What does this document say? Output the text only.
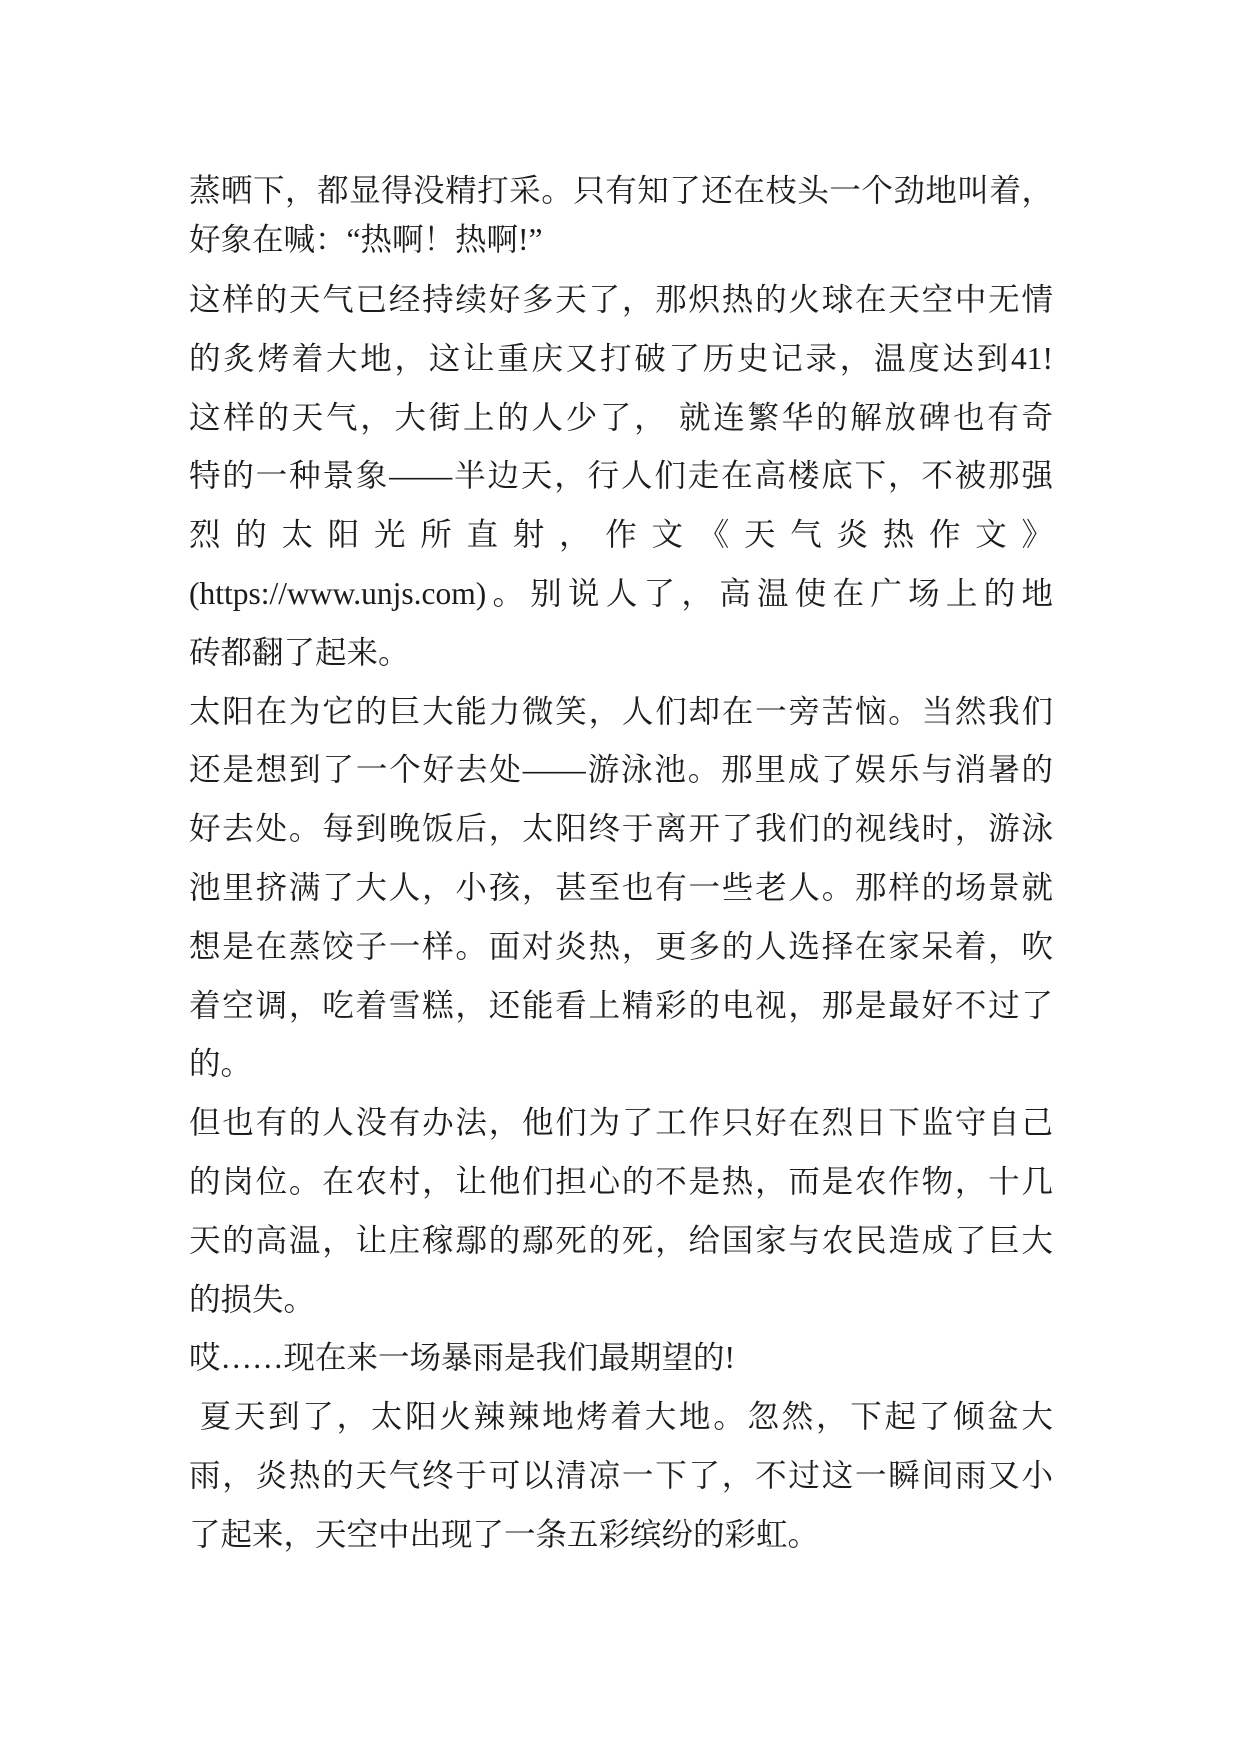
蒸晒下，都显得没精打采。只有知了还在枝头一个劲地叫着，
好象在喊：“热啊！热啊!”
这样的天气已经持续好多天了，那炽热的火球在天空中无情
的炙烤着大地，这让重庆又打破了历史记录，温度达到41!
这样的天气，大街上的人少了， 就连繁华的解放碑也有奇
特的一种景象——半边天，行人们走在高楼底下，不被那强
烈的太阳光所直射，作文《天气炎热作文》
(https://www.unjs.com)。别说人了，高温使在广场上的地
砖都翻了起来。
太阳在为它的巨大能力微笑，人们却在一旁苦恼。当然我们
还是想到了一个好去处——游泳池。那里成了娱乐与消暑的
好去处。每到晚饭后，太阳终于离开了我们的视线时，游泳
池里挤满了大人，小孩，甚至也有一些老人。那样的场景就
想是在蒸饺子一样。面对炎热，更多的人选择在家呆着，吹
着空调，吃着雪糕，还能看上精彩的电视，那是最好不过了
的。
但也有的人没有办法，他们为了工作只好在烈日下监守自己
的岗位。在农村，让他们担心的不是热，而是农作物，十几
天的高温，让庄稼鄢的鄢死的死，给国家与农民造成了巨大
的损失。
哎……现在来一场暴雨是我们最期望的!
夏天到了，太阳火辣辣地烤着大地。忽然，下起了倾盆大
雨，炎热的天气终于可以清凉一下了，不过这一瞬间雨又小
了起来，天空中出现了一条五彩缤纷的彩虹。
